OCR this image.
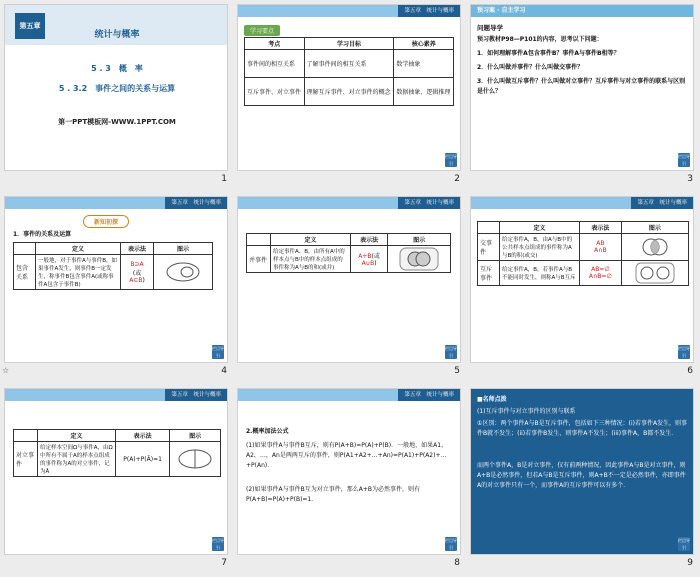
第五章
统计与概率
5 . 3　概　率
5 . 3.2　事件之间的关系与运算
第一PPT模板网-WWW.1PPT.COM
1
第五章　统计与概率
学习要点
考点	学习目标	核心素养
事件间的相互关系	了解事件间的相互关系	数学抽象
互斥事件、对立事件	理解互斥事件、对立事件的概念	数据抽象、逻辑推理
栏目导引
2
预习案 · 自主学习
问题导学
预习教材P98—P101的内容，思考以下问题：
1．如何理解事件A包含事件B？事件A与事件B相等？
2．什么叫做并事件？什么叫做交事件？
3．什么叫做互斥事件？什么叫做对立事件？互斥事件与对立事件的联系与区别是什么？
栏目导引
3
第五章　统计与概率
新知初探
1．事件的关系及运算
	定义	表示法	图示
包含关系	一般地，对于事件A与事件B，如果事件A发生，则事件B一定发生，称事件B包含事件A(或称事件A包含于事件B)	B⊇A
(或
A⊆B)	
栏目导引
☆	4
第五章　统计与概率
	定义	表示法	图示
并事件	给定事件A、B，由所有A中的样本点与B中的样本点组成的事件称为A与B的和(或并)	A+B(或
A∪B)	
栏目导引
5
第五章　统计与概率
	定义	表示法	图示
交事件	给定事件A，B，由A与B中的公共样本点组成的事件称为A与B的积(或交)	AB
A∩B	

互斥事件	给定事件A，B，若事件A与B不能同时发生，则称A与B互斥	AB=∅
A∩B=∅	
栏目导引
6
第五章　统计与概率
	定义	表示法	图示
对立事件	给定样本空间Ω与事件A，由Ω中所有不属于A的样本点组成的事件称为A的对立事件，记为Ā	P(A)+P(Ā)=1	
栏目导引
7
第五章　统计与概率
2.概率加法公式
(1)如果事件A与事件B互斥，则有P(A+B)=P(A)+P(B)．一般地，如果A1，A2，…，An是两两互斥的事件，则P(A1+A2+…+An)=P(A1)+P(A2)+…+P(An)．
(2)如果事件A与事件B互为对立事件，那么A+B为必然事件，则有P(A+B)=P(A)+P(B)=1．
栏目导引
8
■名师点拨
(1)互斥事件与对立事件的区别与联系
①区别：两个事件A与B是互斥事件，包括如下三种情况：(i)若事件A发生，则事件B就不发生；(ii)若事件B发生，则事件A不发生；(iii)事件A，B都不发生．
而两个事件A，B是对立事件，仅有前两种情况，因此事件A与B是对立事件，则A+B是必然事件，但若A与B是互斥事件，则A+B不一定是必然事件，亦即事件A的对立事件只有一个，而事件A的互斥事件可以有多个．
栏目导引
9
